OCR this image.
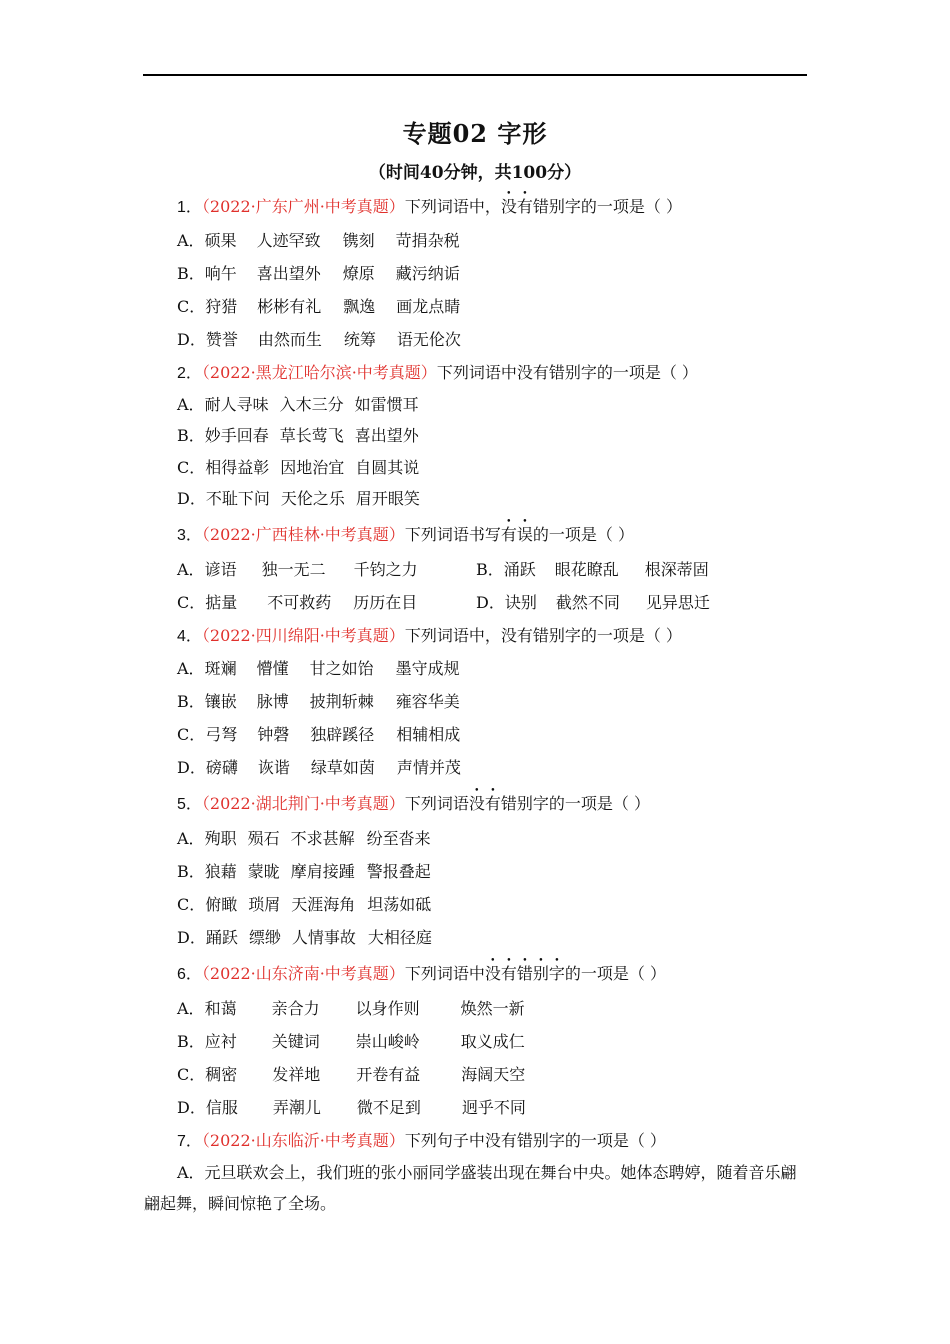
专题02 字形
（时间40分钟，共100分）
1．（2022·广东广州·中考真题）下列词语中，没有错别字的一项是（ ）
A．硕果 人迹罕致 镌刻 苛捐杂税
B．响午 喜出望外 燎原 藏污纳诟
C．狩猎 彬彬有礼 飘逸 画龙点睛
D．赞誉 由然而生 统筹 语无伦次
2．（2022·黑龙江哈尔滨·中考真题）下列词语中没有错别字的一项是（ ）
A．耐人寻味 入木三分 如雷惯耳
B．妙手回春 草长莺飞 喜出望外
C．相得益彰 因地治宜 自圆其说
D．不耻下问 天伦之乐 眉开眼笑
3．（2022·广西桂林·中考真题）下列词语书写有误的一项是（ ）
A．谚语 独一无二 千钧之力	B．涌跃 眼花瞭乱 根深蒂固
C．掂量 不可救药 历历在目	D．诀别 截然不同 见异思迁
4．（2022·四川绵阳·中考真题）下列词语中，没有错别字的一项是（ ）
A．斑斓 懵懂 甘之如饴 墨守成规
B．镶嵌 脉博 披荆斩棘 雍容华美
C．弓弩 钟磬 独辟蹊径 相辅相成
D．磅礴 诙谐 绿草如茵 声情并茂
5．（2022·湖北荆门·中考真题）下列词语没有错别字的一项是（ ）
A．殉职 殒石 不求甚解 纷至沓来
B．狼藉 蒙昽 摩肩接踵 警报叠起
C．俯瞰 琐屑 天涯海角 坦荡如砥
D．踊跃 缥缈 人情事故 大相径庭
6．（2022·山东济南·中考真题）下列词语中没有错别字的一项是（ ）
A．和蔼 亲合力 以身作则	焕然一新
B．应衬 关键词 崇山峻岭	取义成仁
C．稠密 发祥地 开卷有益	海阔天空
D．信服 弄潮儿 微不足到	迥乎不同
7．（2022·山东临沂·中考真题）下列句子中没有错别字的一项是（ ）
A．元旦联欢会上，我们班的张小丽同学盛装出现在舞台中央。她体态聘婷，随着音乐翩翩起舞，瞬间惊艳了全场。
